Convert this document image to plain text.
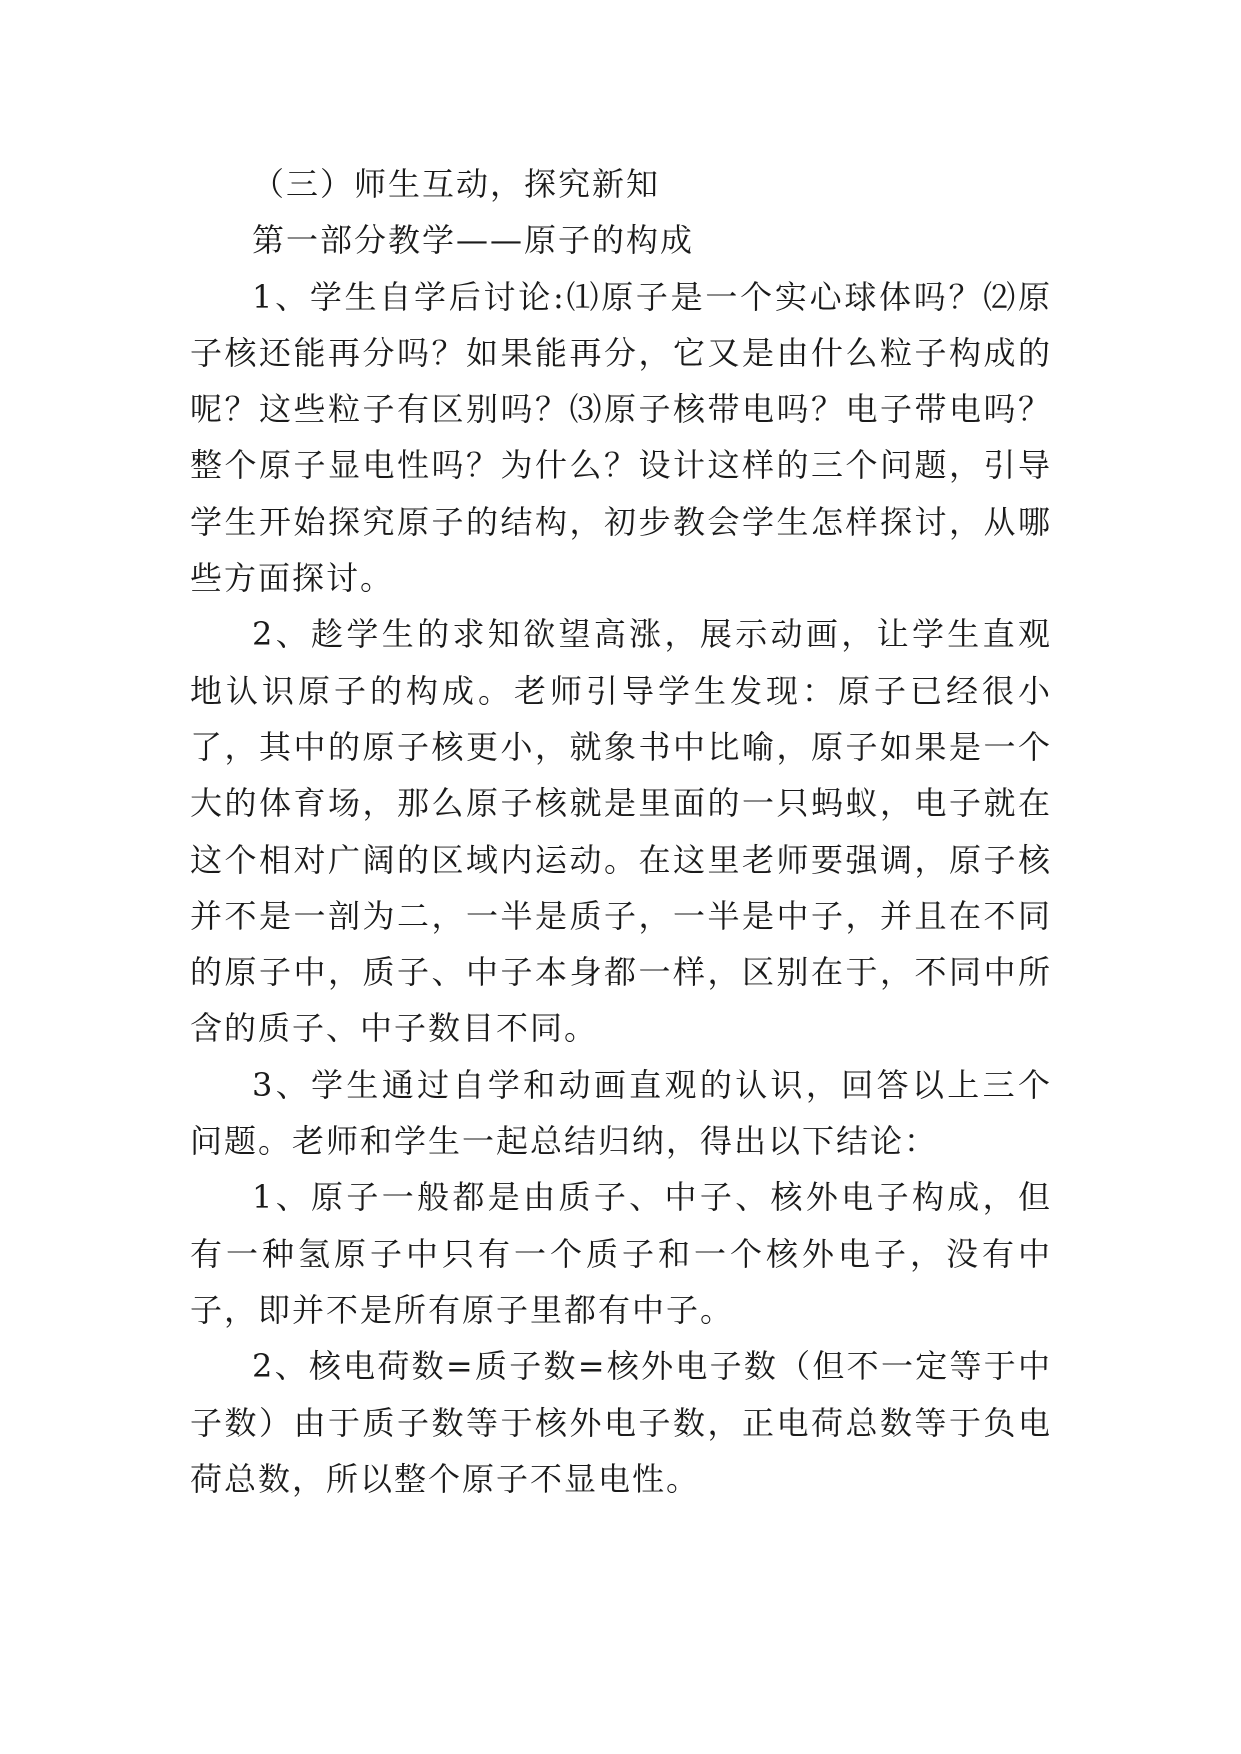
（三）师生互动，探究新知

第一部分教学——原子的构成

1、学生自学后讨论:⑴原子是一个实心球体吗？⑵原子核还能再分吗？如果能再分，它又是由什么粒子构成的呢？这些粒子有区别吗？⑶原子核带电吗？电子带电吗？整个原子显电性吗？为什么？设计这样的三个问题，引导学生开始探究原子的结构，初步教会学生怎样探讨，从哪些方面探讨。

2、趁学生的求知欲望高涨，展示动画，让学生直观地认识原子的构成。老师引导学生发现：原子已经很小了，其中的原子核更小，就象书中比喻，原子如果是一个大的体育场，那么原子核就是里面的一只蚂蚁，电子就在这个相对广阔的区域内运动。在这里老师要强调，原子核并不是一剖为二，一半是质子，一半是中子，并且在不同的原子中，质子、中子本身都一样，区别在于，不同中所含的质子、中子数目不同。

3、学生通过自学和动画直观的认识，回答以上三个问题。老师和学生一起总结归纳，得出以下结论：

1、原子一般都是由质子、中子、核外电子构成，但有一种氢原子中只有一个质子和一个核外电子，没有中子，即并不是所有原子里都有中子。

2、核电荷数=质子数=核外电子数（但不一定等于中子数）由于质子数等于核外电子数，正电荷总数等于负电荷总数，所以整个原子不显电性。
